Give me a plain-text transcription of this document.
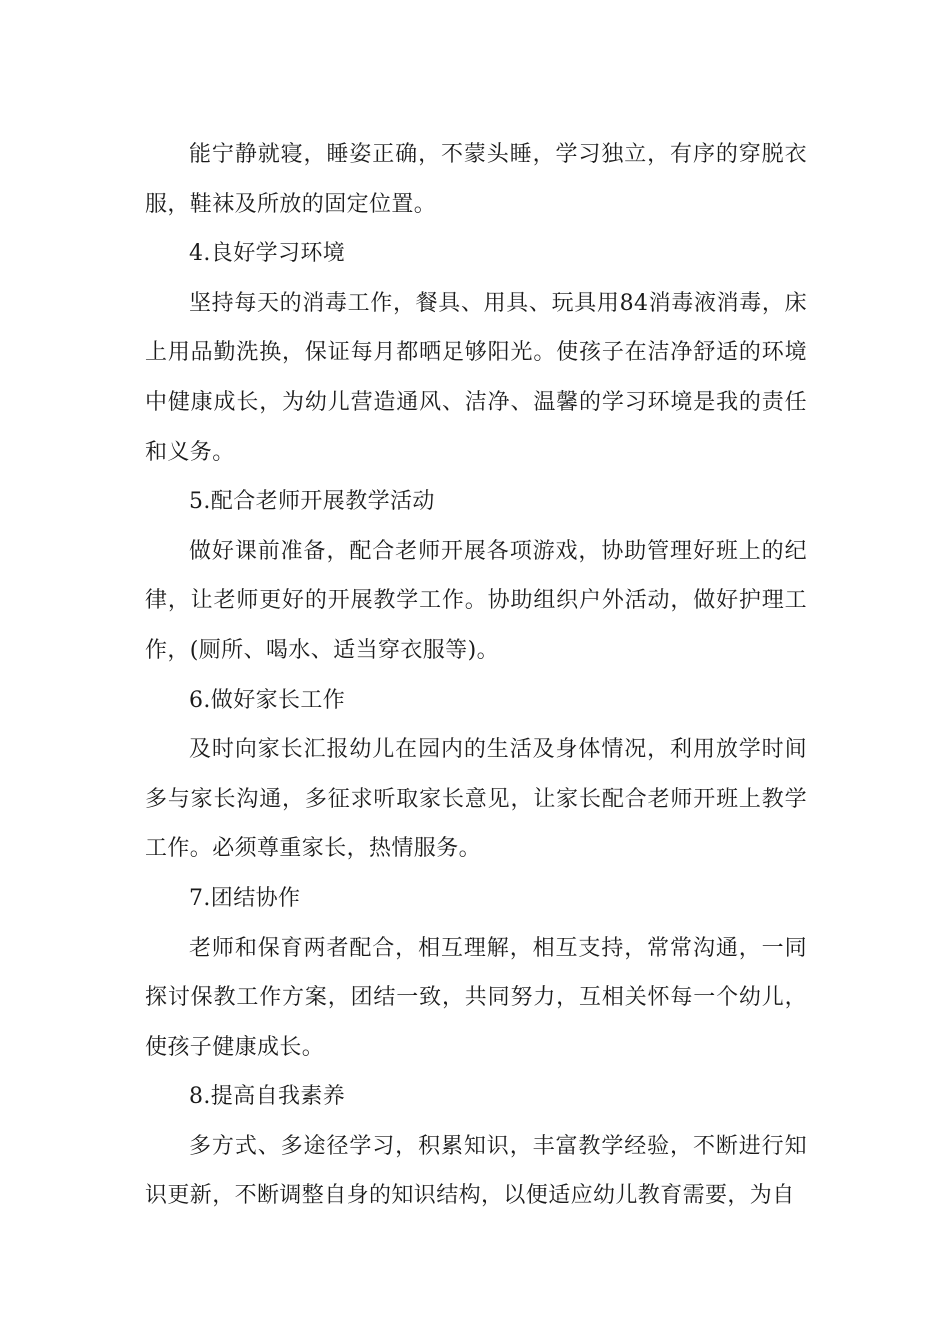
能宁静就寝，睡姿正确，不蒙头睡，学习独立，有序的穿脱衣服，鞋袜及所放的固定位置。

4.良好学习环境

坚持每天的消毒工作，餐具、用具、玩具用84消毒液消毒，床上用品勤洗换，保证每月都晒足够阳光。使孩子在洁净舒适的环境中健康成长，为幼儿营造通风、洁净、温馨的学习环境是我的责任和义务。

5.配合老师开展教学活动

做好课前准备，配合老师开展各项游戏，协助管理好班上的纪律，让老师更好的开展教学工作。协助组织户外活动，做好护理工作，(厕所、喝水、适当穿衣服等)。

6.做好家长工作

及时向家长汇报幼儿在园内的生活及身体情况，利用放学时间多与家长沟通，多征求听取家长意见，让家长配合老师开班上教学工作。必须尊重家长，热情服务。

7.团结协作

老师和保育两者配合，相互理解，相互支持，常常沟通，一同探讨保教工作方案，团结一致，共同努力，互相关怀每一个幼儿，使孩子健康成长。

8.提高自我素养

多方式、多途径学习，积累知识，丰富教学经验，不断进行知识更新，不断调整自身的知识结构，以便适应幼儿教育需要，为自
